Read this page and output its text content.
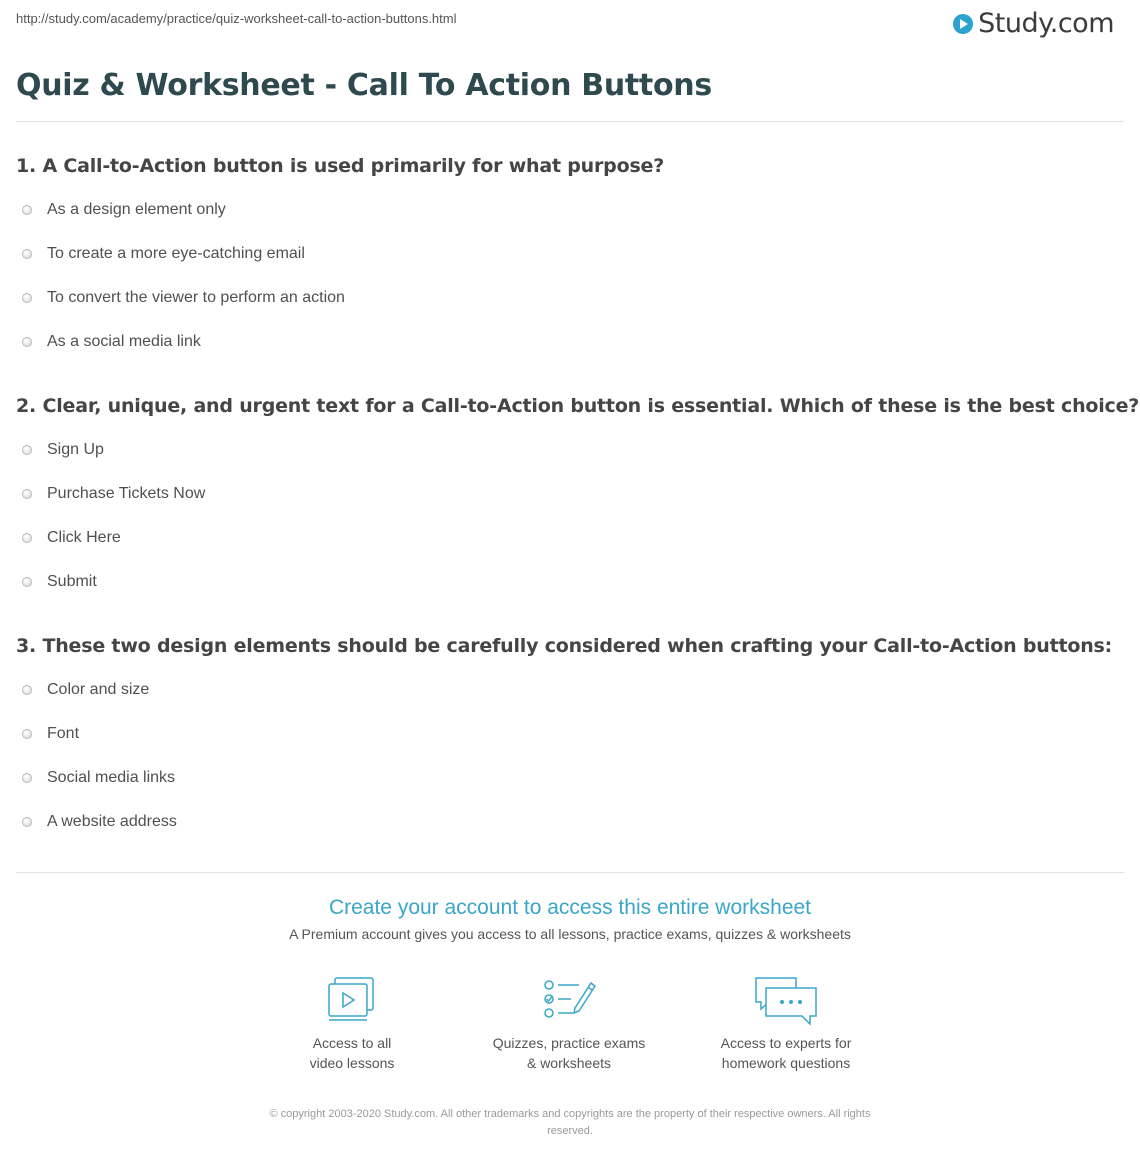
http://study.com/academy/practice/quiz-worksheet-call-to-action-buttons.html	Study.com
Quiz & Worksheet - Call To Action Buttons
1. A Call-to-Action button is used primarily for what purpose?
As a design element only
To create a more eye-catching email
To convert the viewer to perform an action
As a social media link
2. Clear, unique, and urgent text for a Call-to-Action button is essential. Which of these is the best choice?
Sign Up
Purchase Tickets Now
Click Here
Submit
3. These two design elements should be carefully considered when crafting your Call-to-Action buttons:
Color and size
Font
Social media links
A website address
Create your account to access this entire worksheet
A Premium account gives you access to all lessons, practice exams, quizzes & worksheets
Access to all
video lessons
Quizzes, practice exams
& worksheets
Access to experts for
homework questions
© copyright 2003-2020 Study.com. All other trademarks and copyrights are the property of their respective owners. All rights
reserved.
